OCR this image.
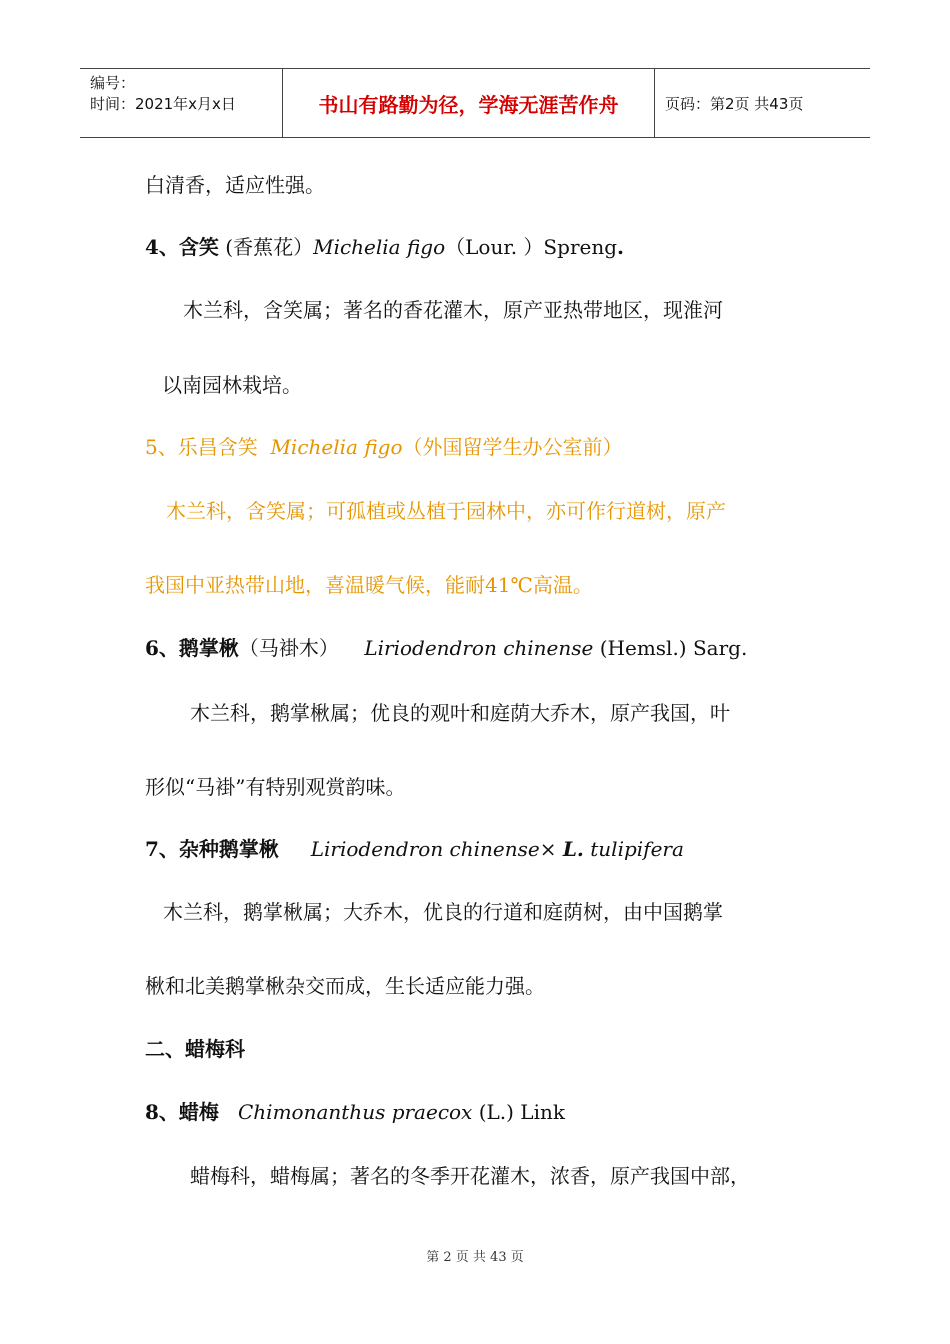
编号：
时间：2021年x月x日	书山有路勤为径，学海无涯苦作舟	页码：第2页 共43页
白清香，适应性强。
4、含笑 (香蕉花）Michelia figo（Lour. ）Spreng.
木兰科，含笑属；著名的香花灌木，原产亚热带地区，现淮河
以南园林栽培。
5、乐昌含笑 Michelia figo（外国留学生办公室前）
木兰科，含笑属；可孤植或丛植于园林中，亦可作行道树，原产
我国中亚热带山地，喜温暖气候，能耐41℃高温。
6、鹅掌楸（马褂木） Liriodendron chinense (Hemsl.) Sarg.
木兰科，鹅掌楸属；优良的观叶和庭荫大乔木，原产我国，叶
形似“马褂”有特别观赏韵味。
7、杂种鹅掌楸 Liriodendron chinense× L. tulipifera
木兰科，鹅掌楸属；大乔木，优良的行道和庭荫树，由中国鹅掌
楸和北美鹅掌楸杂交而成，生长适应能力强。
二、蜡梅科
8、蜡梅 Chimonanthus praecox (L.) Link
蜡梅科，蜡梅属；著名的冬季开花灌木，浓香，原产我国中部，
第 2 页 共 43 页
